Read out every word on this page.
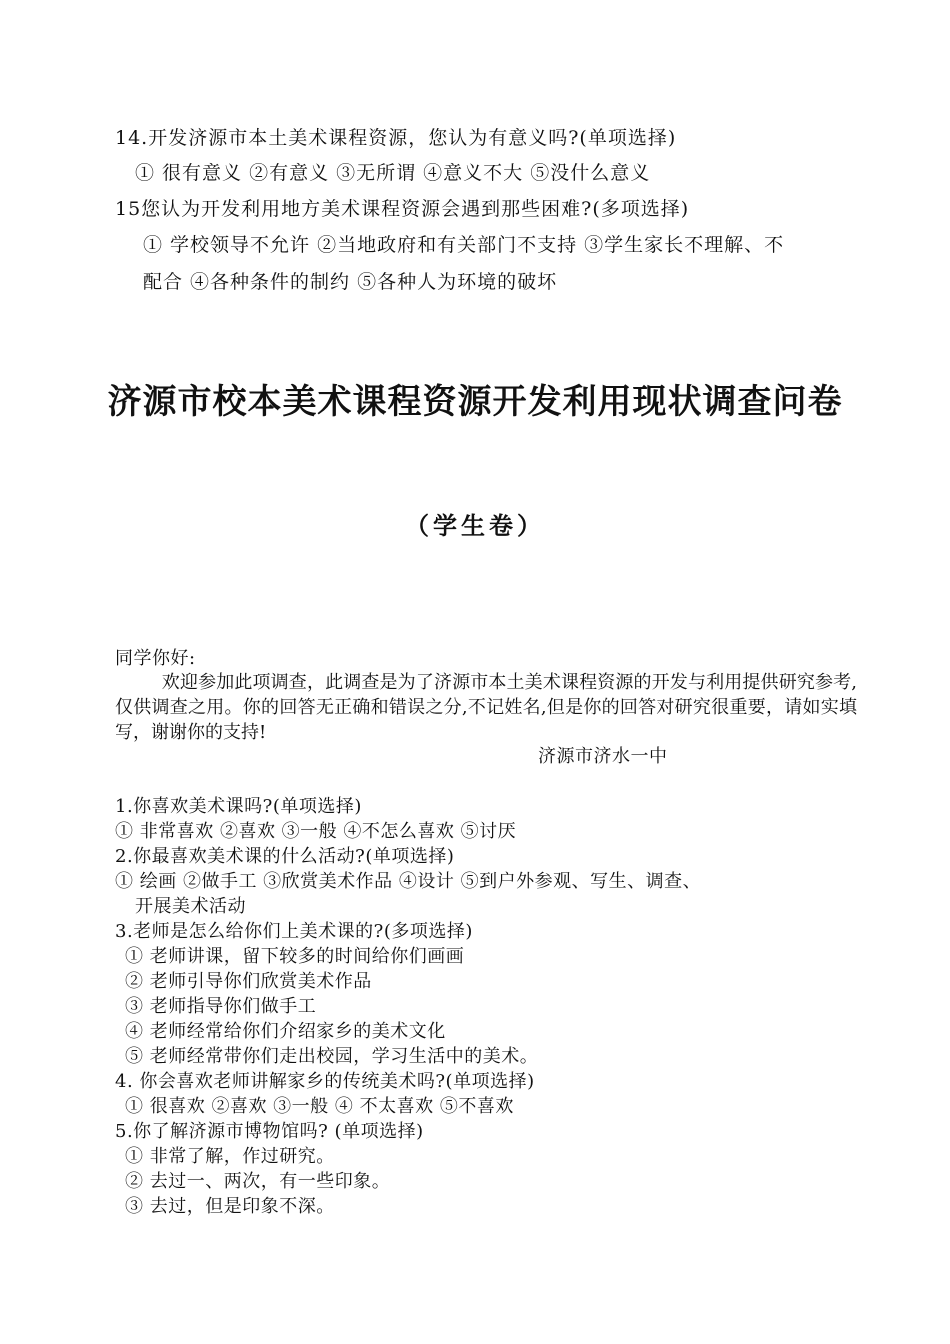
14.开发济源市本土美术课程资源，您认为有意义吗?(单项选择)
① 很有意义 ②有意义 ③无所谓 ④意义不大 ⑤没什么意义
15您认为开发利用地方美术课程资源会遇到那些困难?(多项选择)
① 学校领导不允许 ②当地政府和有关部门不支持 ③学生家长不理解、不
配合 ④各种条件的制约 ⑤各种人为环境的破坏
济源市校本美术课程资源开发利用现状调查问卷
（学生卷）
同学你好:
欢迎参加此项调查，此调查是为了济源市本土美术课程资源的开发与利用提供研究参考,仅供调查之用。你的回答无正确和错误之分,不记姓名,但是你的回答对研究很重要，请如实填写，谢谢你的支持!
济源市济水一中
1.你喜欢美术课吗?(单项选择)
① 非常喜欢 ②喜欢 ③一般 ④不怎么喜欢 ⑤讨厌
2.你最喜欢美术课的什么活动?(单项选择)
① 绘画 ②做手工 ③欣赏美术作品 ④设计 ⑤到户外参观、写生、调查、
开展美术活动
3.老师是怎么给你们上美术课的?(多项选择)
① 老师讲课，留下较多的时间给你们画画
② 老师引导你们欣赏美术作品
③ 老师指导你们做手工
④ 老师经常给你们介绍家乡的美术文化
⑤ 老师经常带你们走出校园，学习生活中的美术。
4. 你会喜欢老师讲解家乡的传统美术吗?(单项选择)
① 很喜欢 ②喜欢 ③一般 ④ 不太喜欢 ⑤不喜欢
5.你了解济源市博物馆吗? (单项选择)
① 非常了解，作过研究。
② 去过一、两次，有一些印象。
③ 去过，但是印象不深。
